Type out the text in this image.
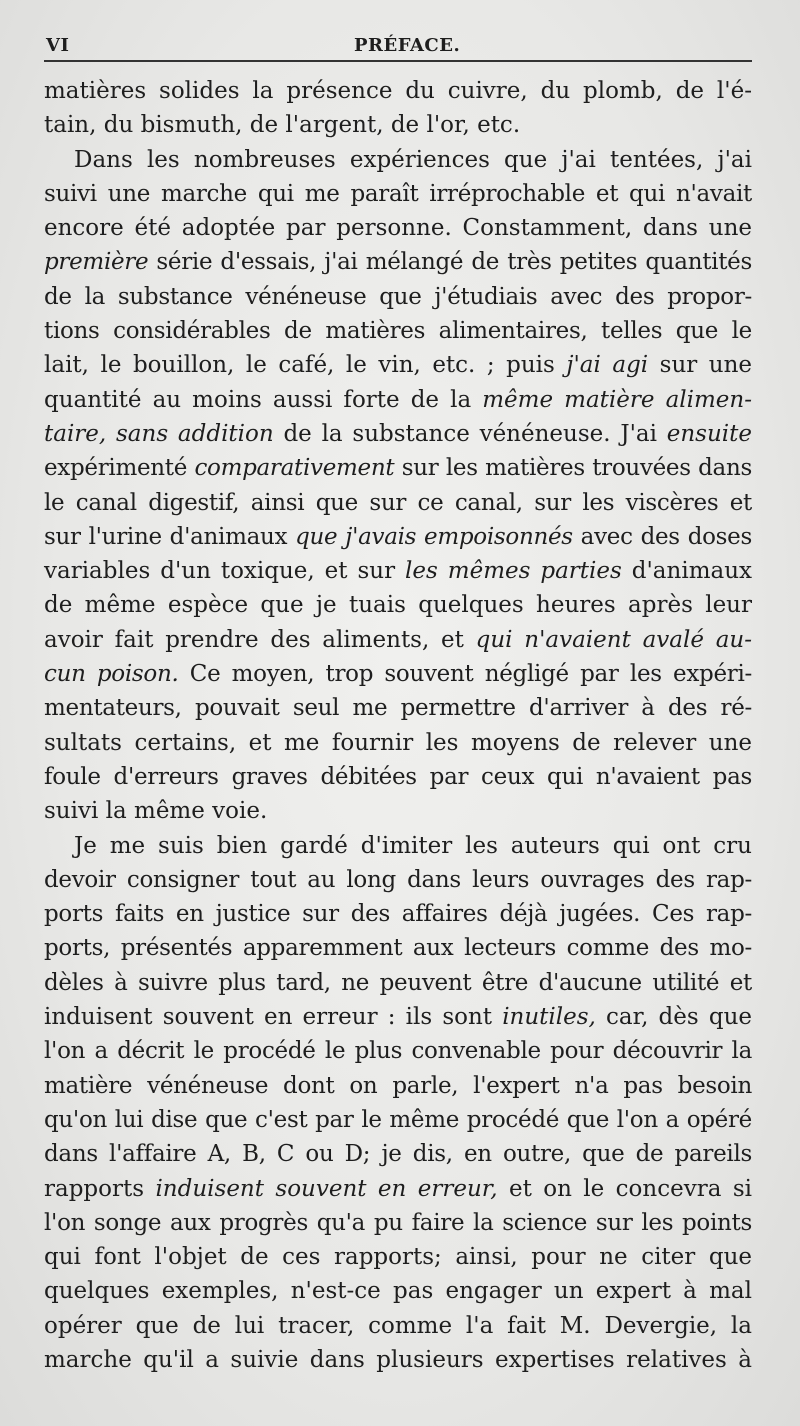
VI	PRÉFACE.
matières solides la présence du cuivre, du plomb, de l'é-
tain, du bismuth, de l'argent, de l'or, etc.
Dans les nombreuses expériences que j'ai tentées, j'ai
suivi une marche qui me paraît irréprochable et qui n'avait
encore été adoptée par personne. Constamment, dans une
première série d'essais, j'ai mélangé de très petites quantités
de la substance vénéneuse que j'étudiais avec des propor-
tions considérables de matières alimentaires, telles que le
lait, le bouillon, le café, le vin, etc. ; puis j'ai agi sur une
quantité au moins aussi forte de la même matière alimen-
taire, sans addition de la substance vénéneuse. J'ai ensuite
expérimenté comparativement sur les matières trouvées dans
le canal digestif, ainsi que sur ce canal, sur les viscères et
sur l'urine d'animaux que j'avais empoisonnés avec des doses
variables d'un toxique, et sur les mêmes parties d'animaux
de même espèce que je tuais quelques heures après leur
avoir fait prendre des aliments, et qui n'avaient avalé au-
cun poison. Ce moyen, trop souvent négligé par les expéri-
mentateurs, pouvait seul me permettre d'arriver à des ré-
sultats certains, et me fournir les moyens de relever une
foule d'erreurs graves débitées par ceux qui n'avaient pas
suivi la même voie.
Je me suis bien gardé d'imiter les auteurs qui ont cru
devoir consigner tout au long dans leurs ouvrages des rap-
ports faits en justice sur des affaires déjà jugées. Ces rap-
ports, présentés apparemment aux lecteurs comme des mo-
dèles à suivre plus tard, ne peuvent être d'aucune utilité et
induisent souvent en erreur : ils sont inutiles, car, dès que
l'on a décrit le procédé le plus convenable pour découvrir la
matière vénéneuse dont on parle, l'expert n'a pas besoin
qu'on lui dise que c'est par le même procédé que l'on a opéré
dans l'affaire A, B, C ou D; je dis, en outre, que de pareils
rapports induisent souvent en erreur, et on le concevra si
l'on songe aux progrès qu'a pu faire la science sur les points
qui font l'objet de ces rapports; ainsi, pour ne citer que
quelques exemples, n'est-ce pas engager un expert à mal
opérer que de lui tracer, comme l'a fait M. Devergie, la
marche qu'il a suivie dans plusieurs expertises relatives à
